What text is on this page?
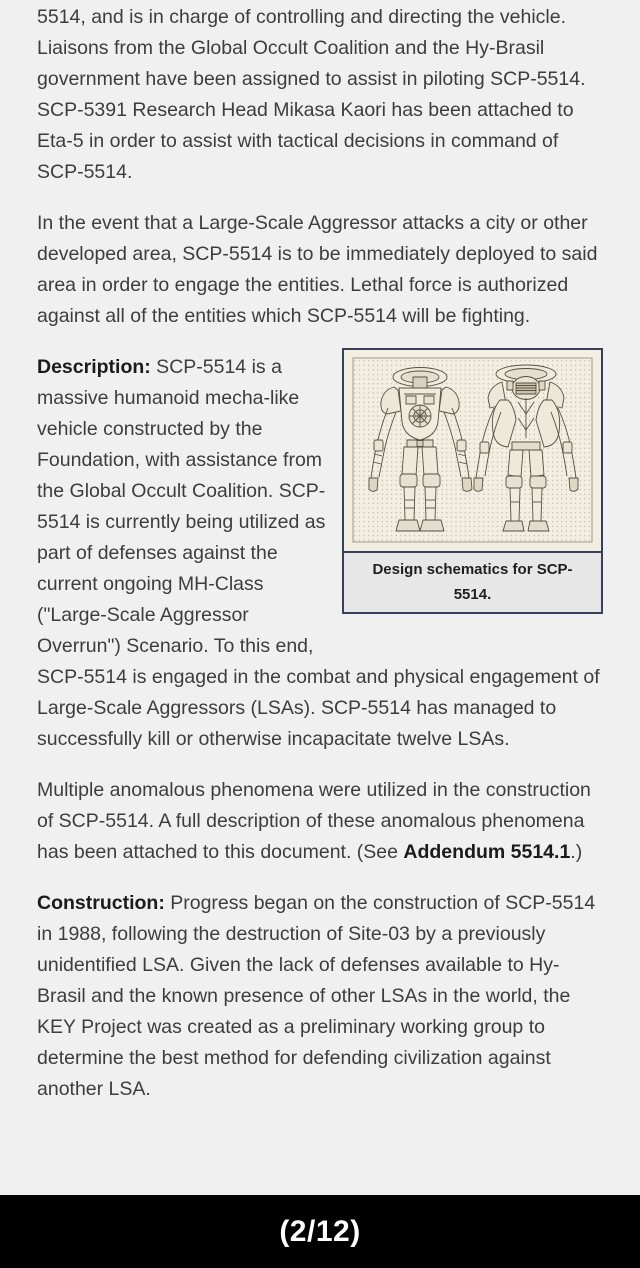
5514, and is in charge of controlling and directing the vehicle. Liaisons from the Global Occult Coalition and the Hy-Brasil government have been assigned to assist in piloting SCP-5514. SCP-5391 Research Head Mikasa Kaori has been attached to Eta-5 in order to assist with tactical decisions in command of SCP-5514.
In the event that a Large-Scale Aggressor attacks a city or other developed area, SCP-5514 is to be immediately deployed to said area in order to engage the entities. Lethal force is authorized against all of the entities which SCP-5514 will be fighting.
Design schematics for SCP-5514.
Description: SCP-5514 is a massive humanoid mecha-like vehicle constructed by the Foundation, with assistance from the Global Occult Coalition. SCP-5514 is currently being utilized as part of defenses against the current ongoing MH-Class ("Large-Scale Aggressor Overrun") Scenario. To this end, SCP-5514 is engaged in the combat and physical engagement of Large-Scale Aggressors (LSAs). SCP-5514 has managed to successfully kill or otherwise incapacitate twelve LSAs.
Multiple anomalous phenomena were utilized in the construction of SCP-5514. A full description of these anomalous phenomena has been attached to this document. (See Addendum 5514.1.)
Construction: Progress began on the construction of SCP-5514 in 1988, following the destruction of Site-03 by a previously unidentified LSA. Given the lack of defenses available to Hy-Brasil and the known presence of other LSAs in the world, the KEY Project was created as a preliminary working group to determine the best method for defending civilization against another LSA.
(2/12)
